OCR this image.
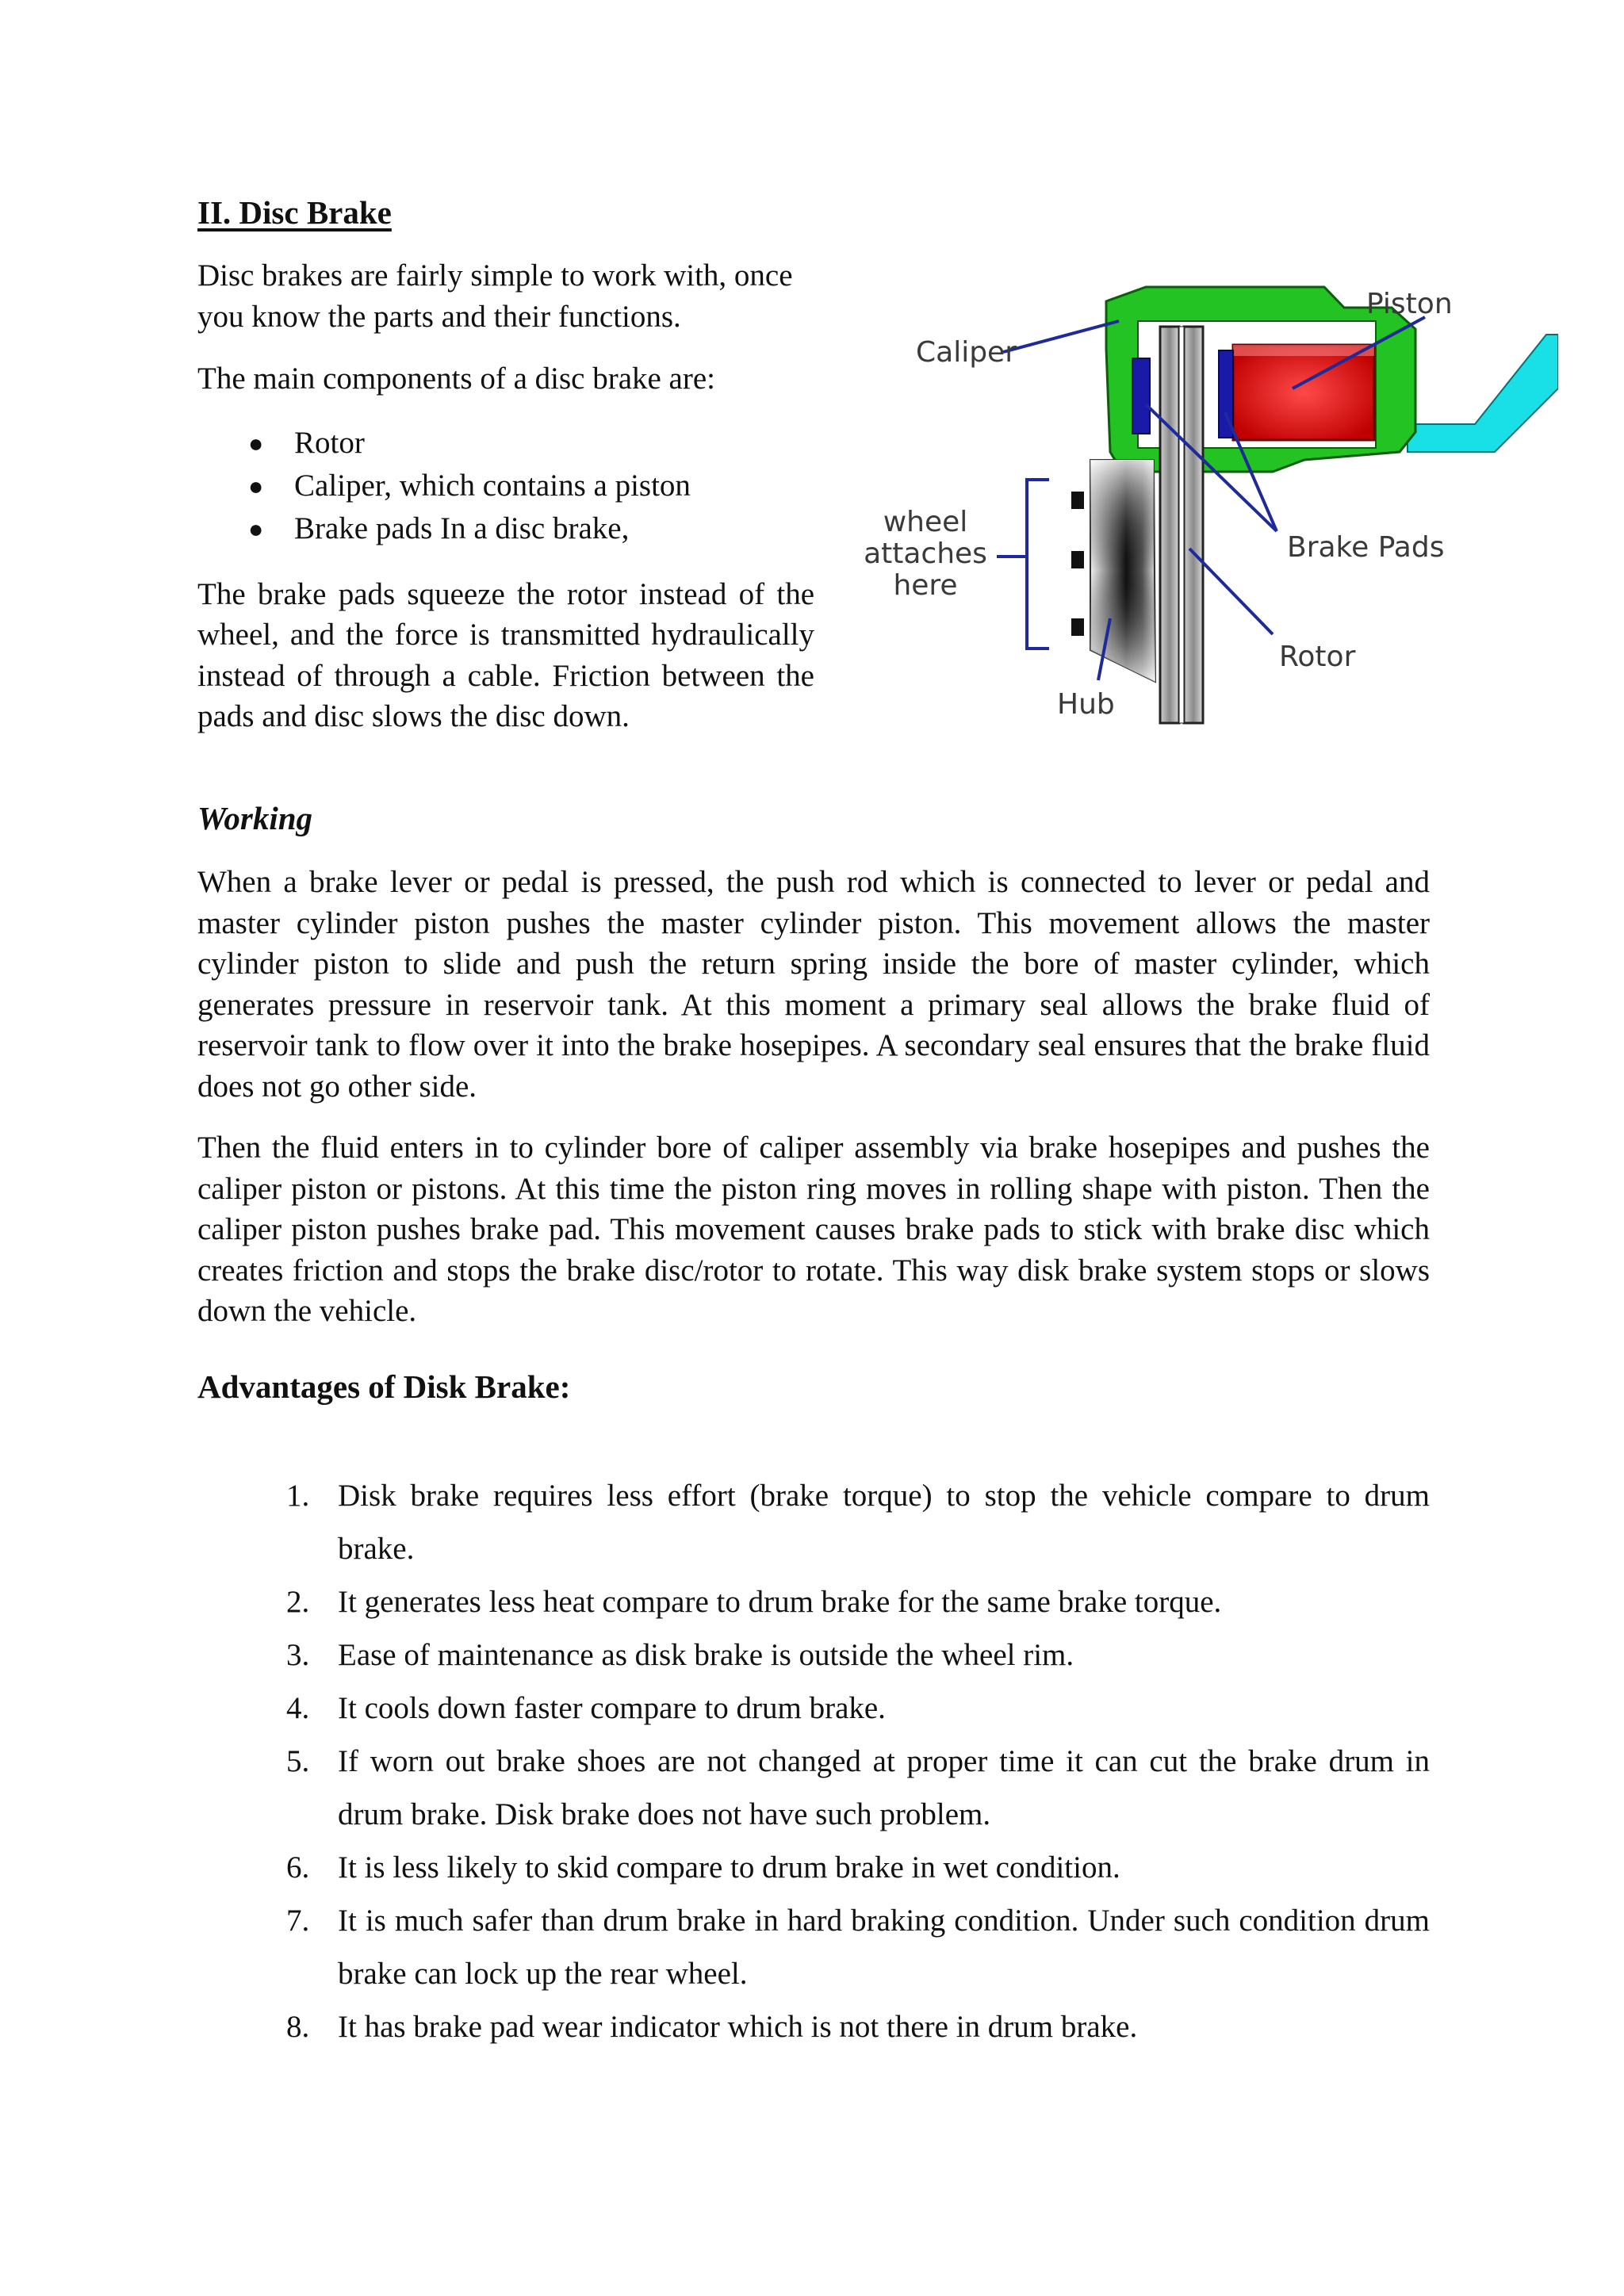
II. Disc Brake

Disc brakes are fairly simple to work with, once you know the parts and their functions.

The main components of a disc brake are:

● Rotor
● Caliper, which contains a piston
● Brake pads In a disc brake,

The brake pads squeeze the rotor instead of the wheel, and the force is transmitted hydraulically instead of through a cable. Friction between the pads and disc slows the disc down.

Caliper
Piston
wheel
attaches
here
Brake Pads
Rotor
Hub
Working

When a brake lever or pedal is pressed, the push rod which is connected to lever or pedal and master cylinder piston pushes the master cylinder piston. This movement allows the master cylinder piston to slide and push the return spring inside the bore of master cylinder, which generates pressure in reservoir tank. At this moment a primary seal allows the brake fluid of reservoir tank to flow over it into the brake hosepipes. A secondary seal ensures that the brake fluid does not go other side.

Then the fluid enters in to cylinder bore of caliper assembly via brake hosepipes and pushes the caliper piston or pistons. At this time the piston ring moves in rolling shape with piston. Then the caliper piston pushes brake pad. This movement causes brake pads to stick with brake disc which creates friction and stops the brake disc/rotor to rotate. This way disk brake system stops or slows down the vehicle.

Advantages of Disk Brake:
1. Disk brake requires less effort (brake torque) to stop the vehicle compare to drum brake.
2. It generates less heat compare to drum brake for the same brake torque.
3. Ease of maintenance as disk brake is outside the wheel rim.
4. It cools down faster compare to drum brake.
5. If worn out brake shoes are not changed at proper time it can cut the brake drum in drum brake. Disk brake does not have such problem.
6. It is less likely to skid compare to drum brake in wet condition.
7. It is much safer than drum brake in hard braking condition. Under such condition drum brake can lock up the rear wheel.
8. It has brake pad wear indicator which is not there in drum brake.
